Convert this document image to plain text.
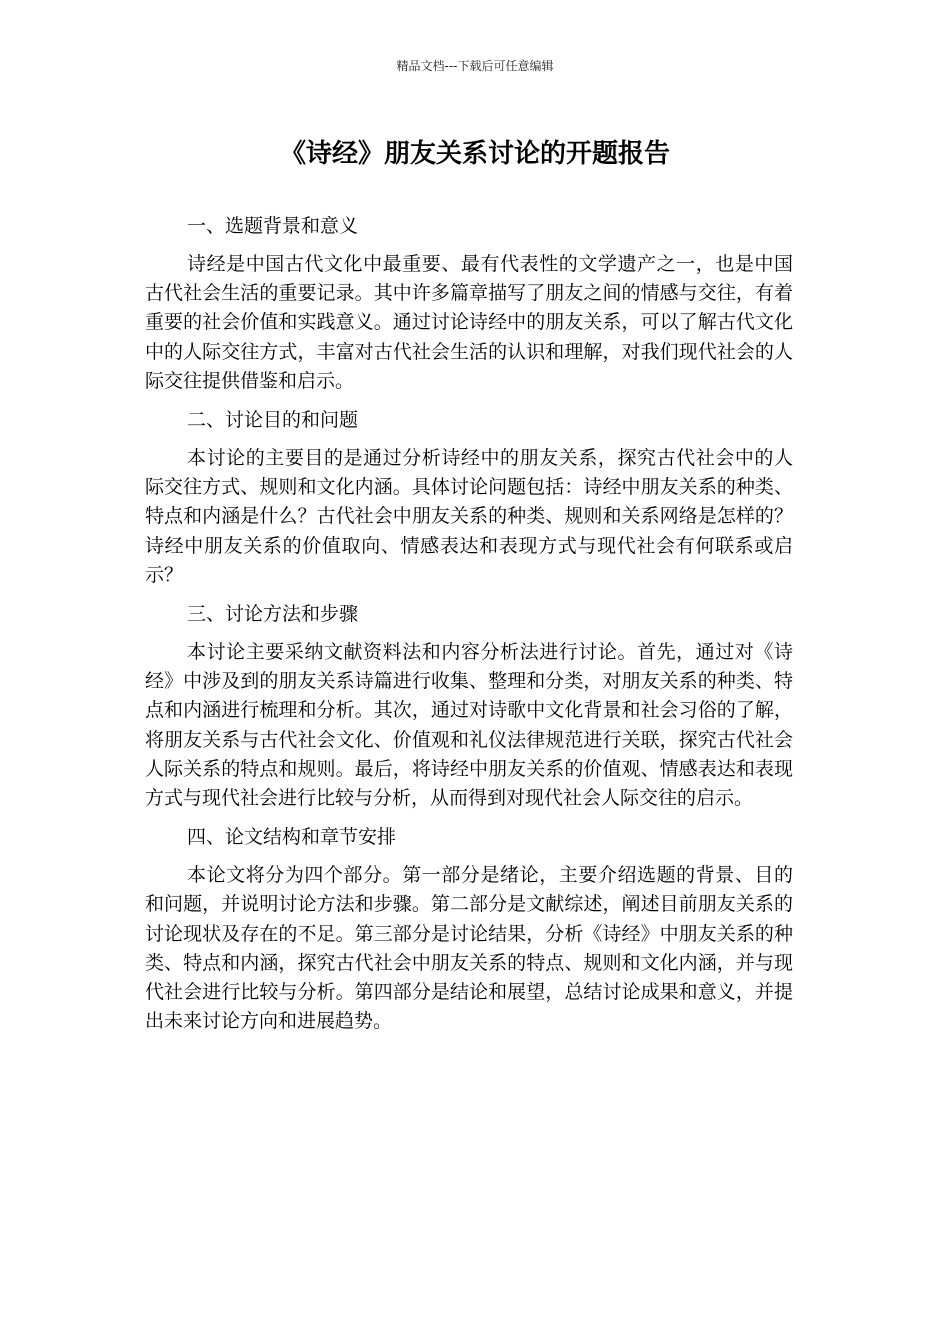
精品文档---下载后可任意编辑
《诗经》朋友关系讨论的开题报告

一、选题背景和意义

诗经是中国古代文化中最重要、最有代表性的文学遗产之一，也是中国古代社会生活的重要记录。其中许多篇章描写了朋友之间的情感与交往，有着重要的社会价值和实践意义。通过讨论诗经中的朋友关系，可以了解古代文化中的人际交往方式，丰富对古代社会生活的认识和理解，对我们现代社会的人际交往提供借鉴和启示。

二、讨论目的和问题

本讨论的主要目的是通过分析诗经中的朋友关系，探究古代社会中的人际交往方式、规则和文化内涵。具体讨论问题包括：诗经中朋友关系的种类、特点和内涵是什么？古代社会中朋友关系的种类、规则和关系网络是怎样的？诗经中朋友关系的价值取向、情感表达和表现方式与现代社会有何联系或启示？

三、讨论方法和步骤

本讨论主要采纳文献资料法和内容分析法进行讨论。首先，通过对《诗经》中涉及到的朋友关系诗篇进行收集、整理和分类，对朋友关系的种类、特点和内涵进行梳理和分析。其次，通过对诗歌中文化背景和社会习俗的了解，将朋友关系与古代社会文化、价值观和礼仪法律规范进行关联，探究古代社会人际关系的特点和规则。最后，将诗经中朋友关系的价值观、情感表达和表现方式与现代社会进行比较与分析，从而得到对现代社会人际交往的启示。

四、论文结构和章节安排

本论文将分为四个部分。第一部分是绪论，主要介绍选题的背景、目的和问题，并说明讨论方法和步骤。第二部分是文献综述，阐述目前朋友关系的讨论现状及存在的不足。第三部分是讨论结果，分析《诗经》中朋友关系的种类、特点和内涵，探究古代社会中朋友关系的特点、规则和文化内涵，并与现代社会进行比较与分析。第四部分是结论和展望，总结讨论成果和意义，并提出未来讨论方向和进展趋势。
